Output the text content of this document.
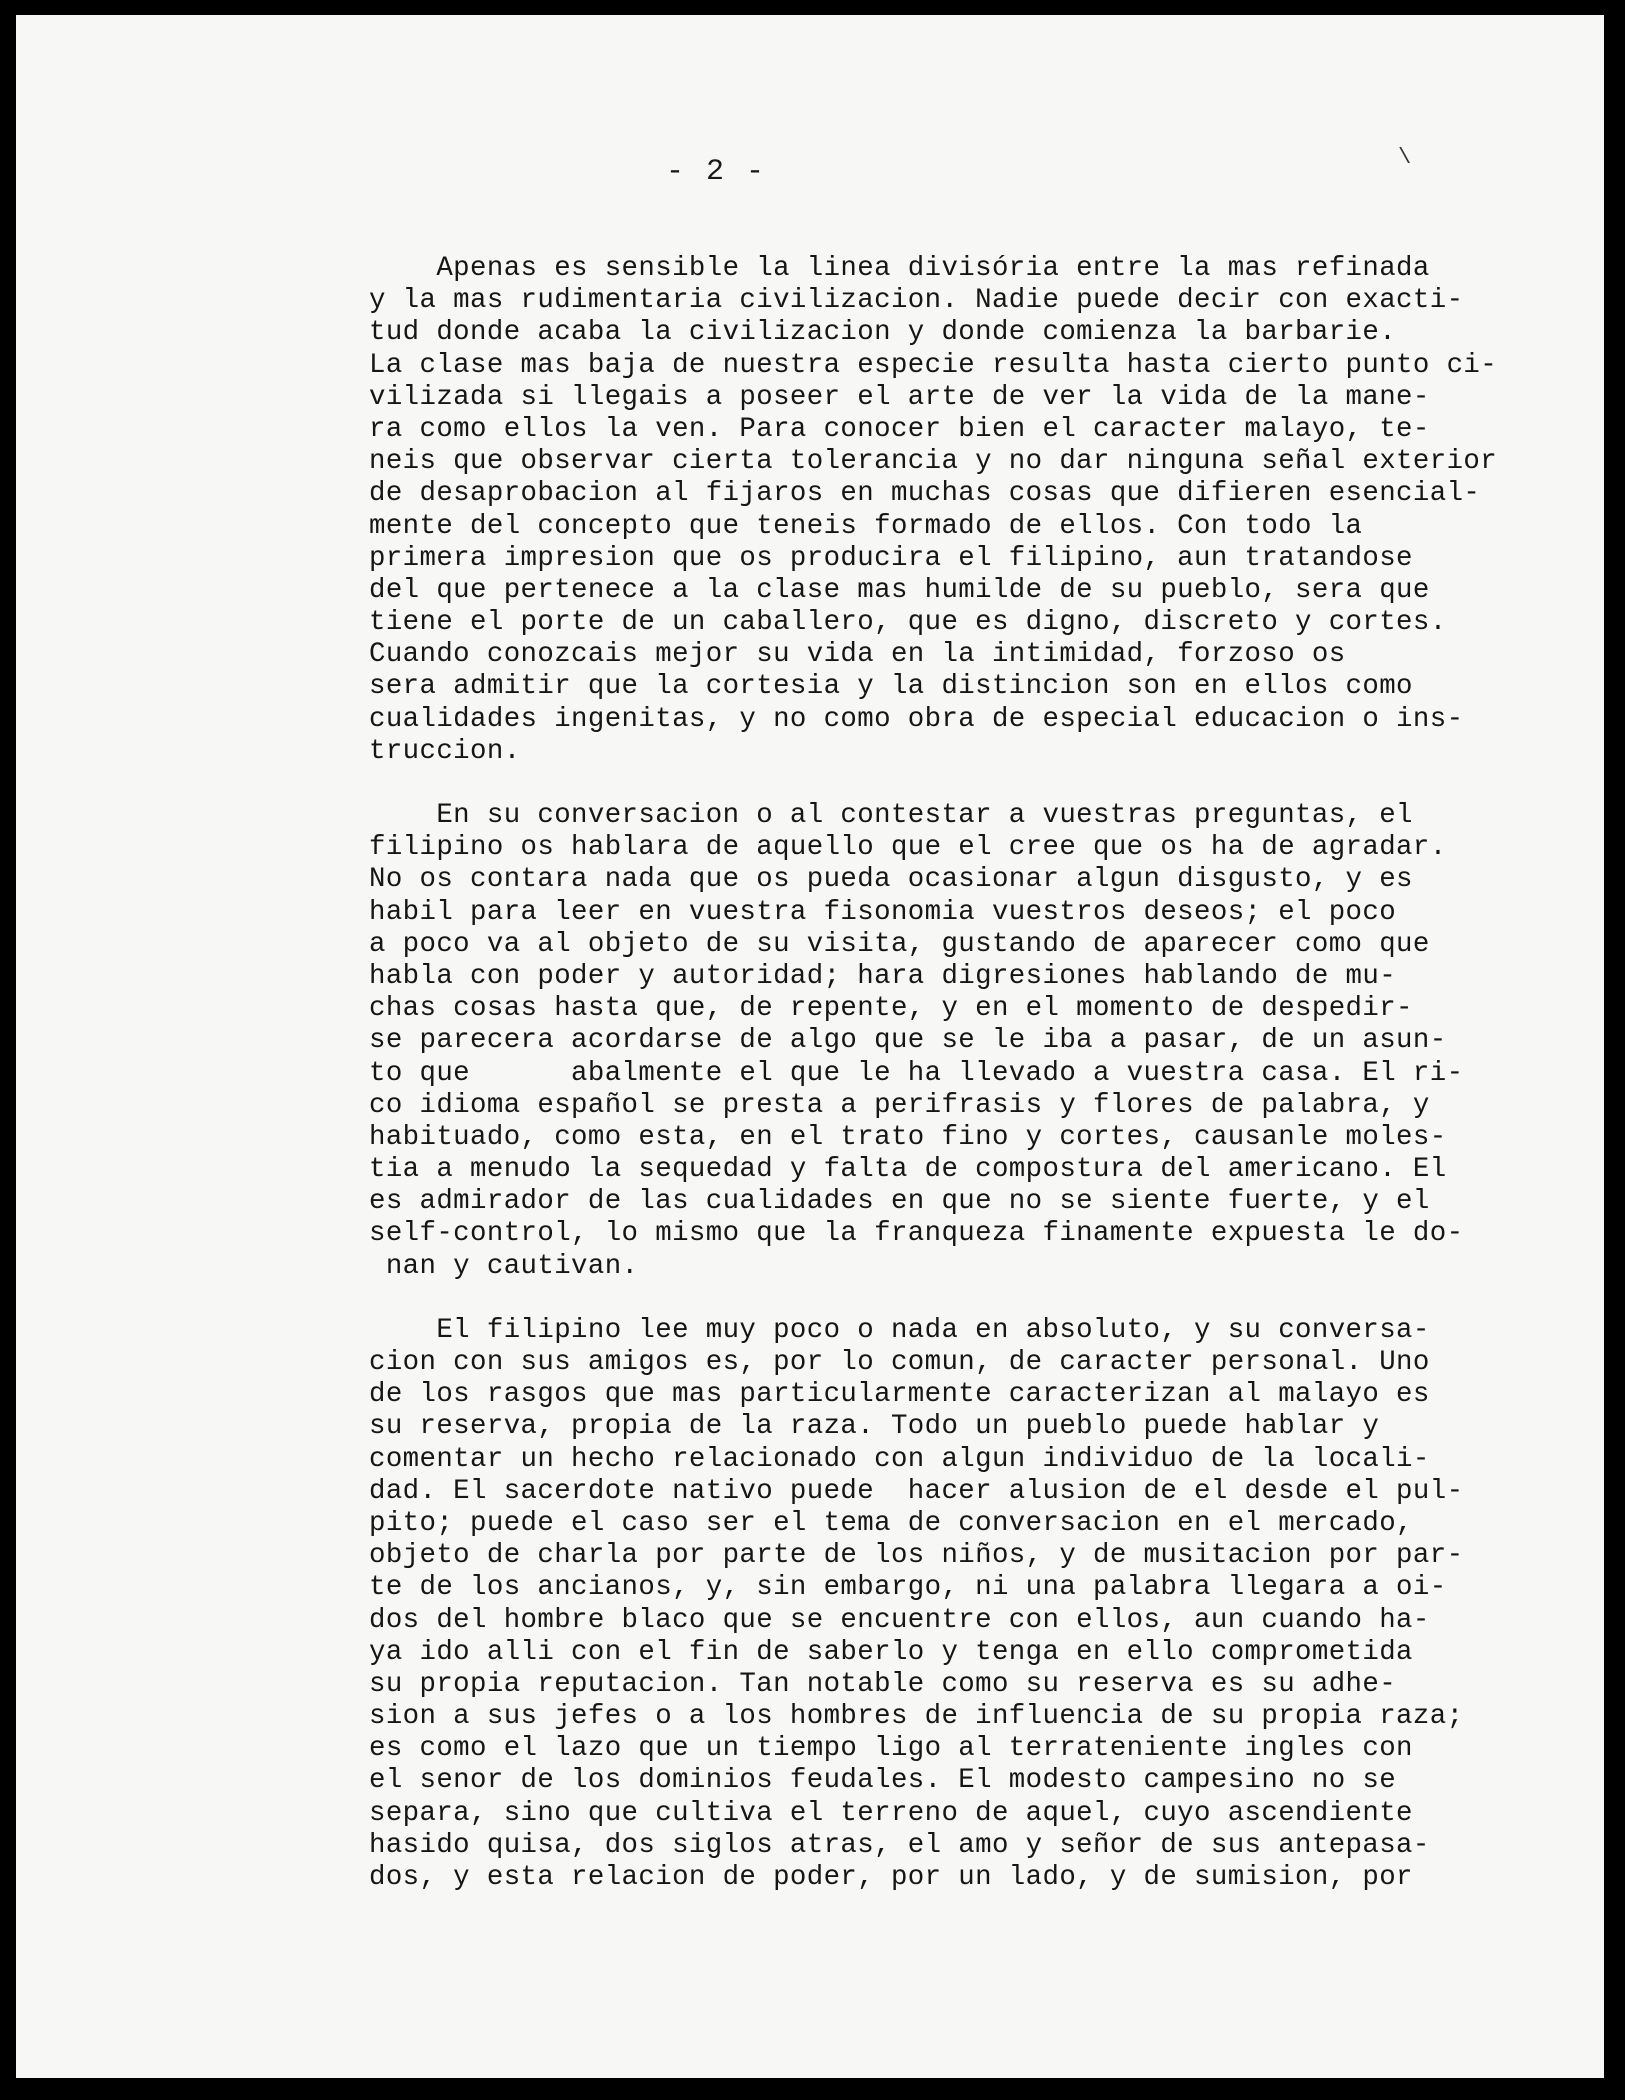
- 2 -	\
Apenas es sensible la linea divisória entre la mas refinada
y la mas rudimentaria civilizacion. Nadie puede decir con exacti-
tud donde acaba la civilizacion y donde comienza la barbarie.
La clase mas baja de nuestra especie resulta hasta cierto punto ci-
vilizada si llegais a poseer el arte de ver la vida de la mane-
ra como ellos la ven. Para conocer bien el caracter malayo, te-
neis que observar cierta tolerancia y no dar ninguna señal exterior
de desaprobacion al fijaros en muchas cosas que difieren esencial-
mente del concepto que teneis formado de ellos. Con todo la
primera impresion que os producira el filipino, aun tratandose
del que pertenece a la clase mas humilde de su pueblo, sera que
tiene el porte de un caballero, que es digno, discreto y cortes.
Cuando conozcais mejor su vida en la intimidad, forzoso os
sera admitir que la cortesia y la distincion son en ellos como
cualidades ingenitas, y no como obra de especial educacion o ins-
truccion.
En su conversacion o al contestar a vuestras preguntas, el
filipino os hablara de aquello que el cree que os ha de agradar.
No os contara nada que os pueda ocasionar algun disgusto, y es
habil para leer en vuestra fisonomia vuestros deseos; el poco
a poco va al objeto de su visita, gustando de aparecer como que
habla con poder y autoridad; hara digresiones hablando de mu-
chas cosas hasta que, de repente, y en el momento de despedir-
se parecera acordarse de algo que se le iba a pasar, de un asun-
to que      abalmente el que le ha llevado a vuestra casa. El ri-
co idioma español se presta a perifrasis y flores de palabra, y
habituado, como esta, en el trato fino y cortes, causanle moles-
tia a menudo la sequedad y falta de compostura del americano. El
es admirador de las cualidades en que no se siente fuerte, y el
self-control, lo mismo que la franqueza finamente expuesta le do-
nan y cautivan.
El filipino lee muy poco o nada en absoluto, y su conversa-
cion con sus amigos es, por lo comun, de caracter personal. Uno
de los rasgos que mas particularmente caracterizan al malayo es
su reserva, propia de la raza. Todo un pueblo puede hablar y
comentar un hecho relacionado con algun individuo de la locali-
dad. El sacerdote nativo puede  hacer alusion de el desde el pul-
pito; puede el caso ser el tema de conversacion en el mercado,
objeto de charla por parte de los niños, y de musitacion por par-
te de los ancianos, y, sin embargo, ni una palabra llegara a oi-
dos del hombre blaco que se encuentre con ellos, aun cuando ha-
ya ido alli con el fin de saberlo y tenga en ello comprometida
su propia reputacion. Tan notable como su reserva es su adhe-
sion a sus jefes o a los hombres de influencia de su propia raza;
es como el lazo que un tiempo ligo al terrateniente ingles con
el senor de los dominios feudales. El modesto campesino no se
separa, sino que cultiva el terreno de aquel, cuyo ascendiente
hasido quisa, dos siglos atras, el amo y señor de sus antepasa-
dos, y esta relacion de poder, por un lado, y de sumision, por
